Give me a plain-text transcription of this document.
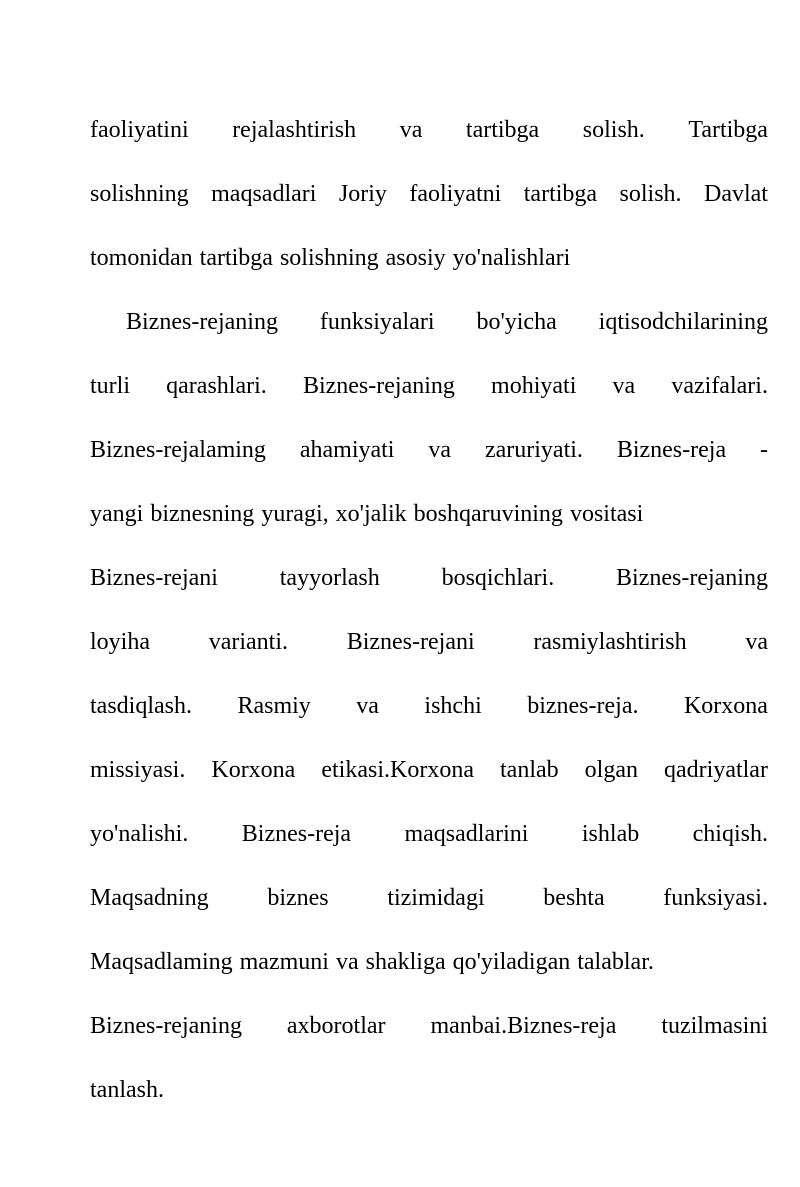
faoliyatini rejalashtirish va tartibga solish. Tartibga
solishning maqsadlari Joriy faoliyatni tartibga solish. Davlat
tomonidan tartibga solishning asosiy yo'nalishlari
Biznes-rejaning funksiyalari bo'yicha iqtisodchilarining
turli qarashlari. Biznes-rejaning mohiyati va vazifalari.
Biznes-rejalaming ahamiyati va zaruriyati. Biznes-reja -
yangi biznesning yuragi, xo'jalik boshqaruvining vositasi
Biznes-rejani	tayyorlash	bosqichlari.	Biznes-rejaning
loyiha varianti. Biznes-rejani rasmiylashtirish va
tasdiqlash. Rasmiy va ishchi biznes-reja. Korxona
missiyasi. Korxona etikasi.Korxona tanlab olgan qadriyatlar
yo'nalishi. Biznes-reja maqsadlarini ishlab chiqish.
Maqsadning biznes tizimidagi beshta funksiyasi.
Maqsadlaming mazmuni va shakliga qo'yiladigan talablar.
Biznes-rejaning axborotlar manbai.Biznes-reja tuzilmasini
tanlash.
